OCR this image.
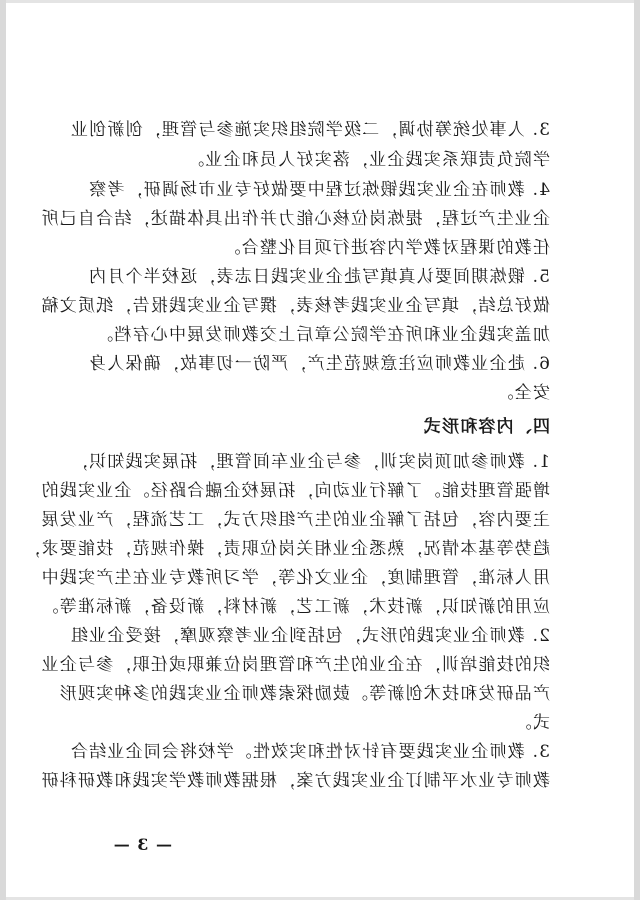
3. 人事处统筹协调，二级学院组织实施参与管理，创新创业
学院负责联系实践企业，落实好人员和企业。
4. 教师在企业实践锻炼过程中要做好专业市场调研，考察
企业生产过程，提炼岗位核心能力并作出具体描述，结合自己所
任教的课程对教学内容进行项目化整合。
5. 锻炼期间要认真填写赴企业实践日志表，返校半个月内
做好总结，填写企业实践考核表，撰写企业实践报告，纸质文稿
加盖实践企业和所在学院公章后上交教师发展中心存档。
6. 赴企业教师应注意规范生产，严防一切事故，确保人身
安全。
四、内容和形式
1. 教师参加顶岗实训，参与企业车间管理，拓展实践知识，
增强管理技能。了解行业动向，拓展校企融合路径。企业实践的
主要内容，包括了解企业的生产组织方式，工艺流程，产业发展
趋势等基本情况，熟悉企业相关岗位职责，操作规范，技能要求，
用人标准，管理制度，企业文化等，学习所教专业在生产实践中
应用的新知识，新技术，新工艺，新材料，新设备，新标准等。
2. 教师企业实践的形式，包括到企业考察观摩，接受企业组
织的技能培训，在企业的生产和管理岗位兼职或任职，参与企业
产品研发和技术创新等。鼓励探索教师企业实践的多种实现形
式。
3. 教师企业实践要有针对性和实效性。学校将会同企业结合
教师专业水平制订企业实践方案，根据教师教学实践和教研科研
— 3 —
